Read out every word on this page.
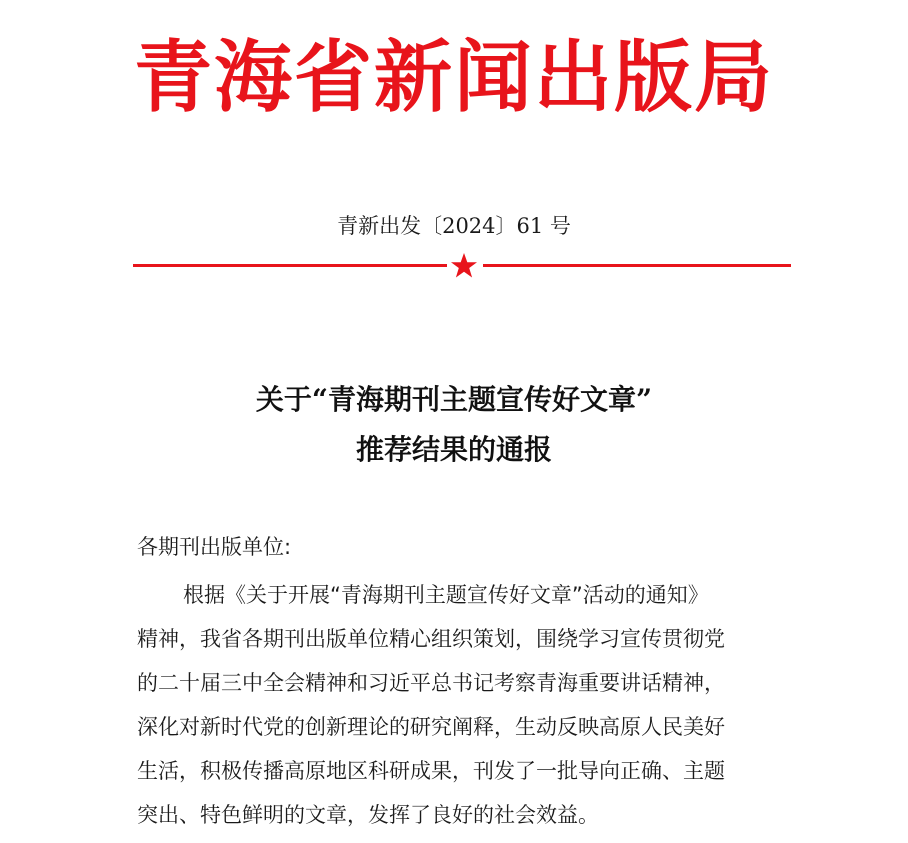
青海省新闻出版局
青新出发〔2024〕61 号
关于“青海期刊主题宣传好文章”
推荐结果的通报
各期刊出版单位:
根据《关于开展“青海期刊主题宣传好文章”活动的通知》
精神，我省各期刊出版单位精心组织策划，围绕学习宣传贯彻党
的二十届三中全会精神和习近平总书记考察青海重要讲话精神，
深化对新时代党的创新理论的研究阐释，生动反映高原人民美好
生活，积极传播高原地区科研成果，刊发了一批导向正确、主题
突出、特色鲜明的文章，发挥了良好的社会效益。
